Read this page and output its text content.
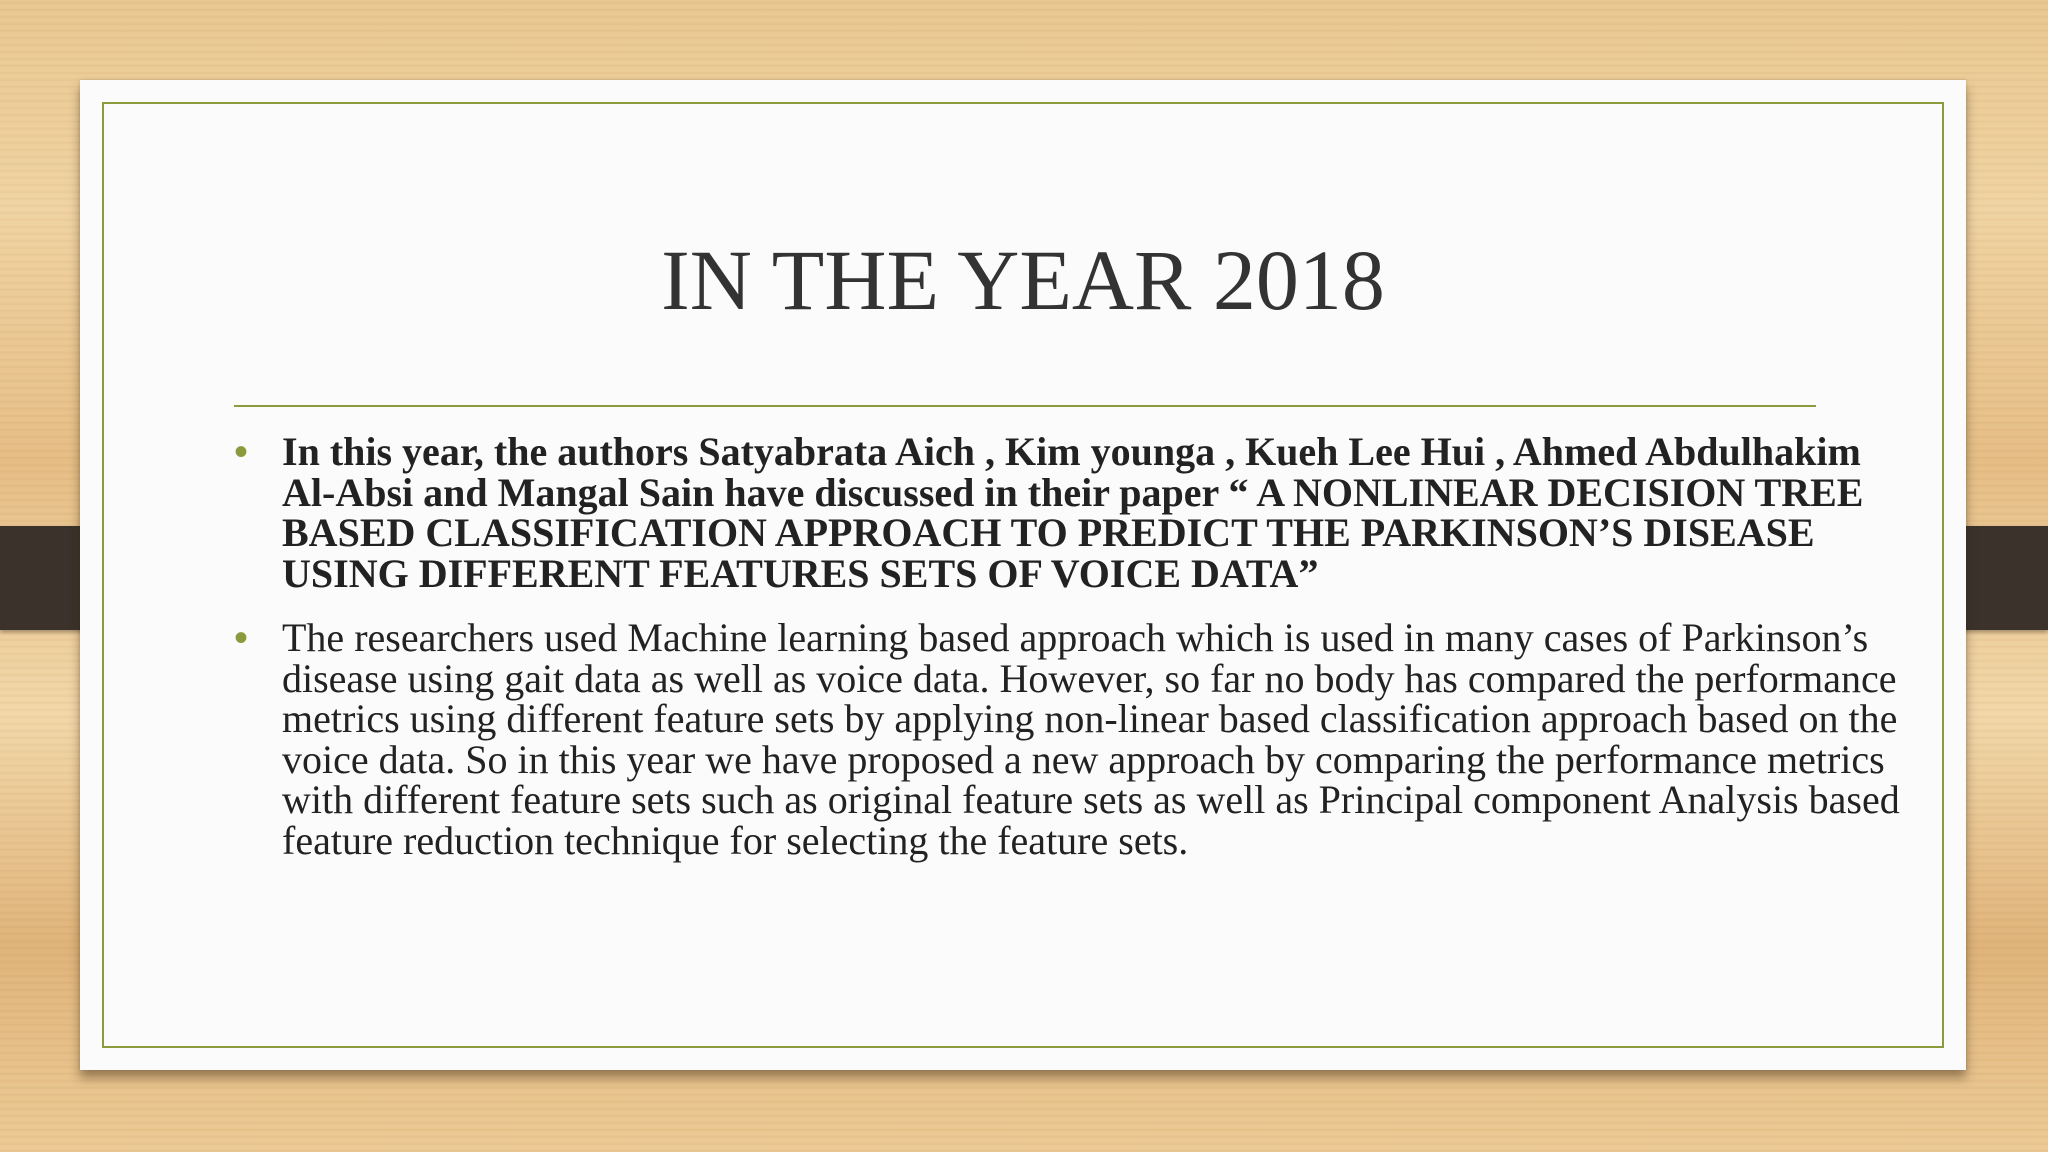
IN THE YEAR 2018
• In this year, the authors Satyabrata Aich , Kim younga , Kueh Lee Hui , Ahmed Abdulhakim Al-Absi and Mangal Sain have discussed in their paper “ A NONLINEAR DECISION TREE BASED CLASSIFICATION APPROACH TO PREDICT THE PARKINSON’S DISEASE USING DIFFERENT FEATURES SETS OF VOICE DATA”
• The researchers used Machine learning based approach which is used in many cases of Parkinson’s disease using gait data as well as voice data. However, so far no body has compared the performance metrics using different feature sets by applying non-linear based classification approach based on the voice data. So in this year we have proposed a new approach by comparing the performance metrics with different feature sets such as original feature sets as well as Principal component Analysis based feature reduction technique for selecting the feature sets.
